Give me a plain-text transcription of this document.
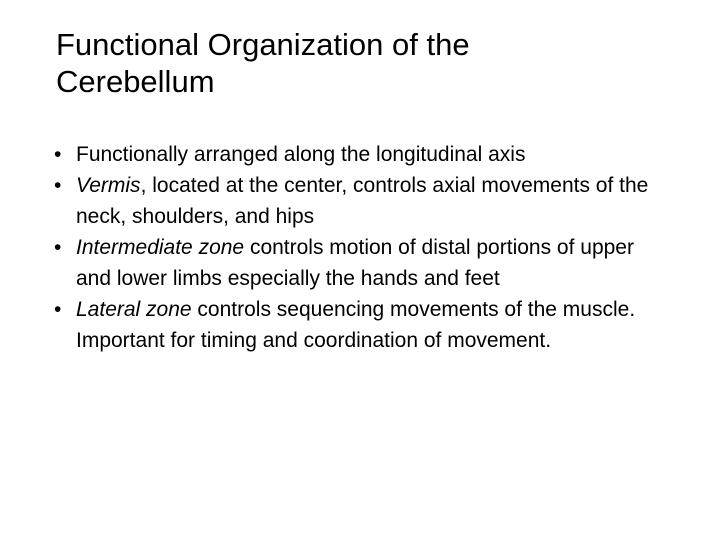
Functional Organization of the
Cerebellum
• Functionally arranged along the longitudinal axis
• Vermis, located at the center, controls axial movements of the neck, shoulders, and hips
• Intermediate zone controls motion of distal portions of upper and lower limbs especially the hands and feet
• Lateral zone controls sequencing movements of the muscle. Important for timing and coordination of movement.
